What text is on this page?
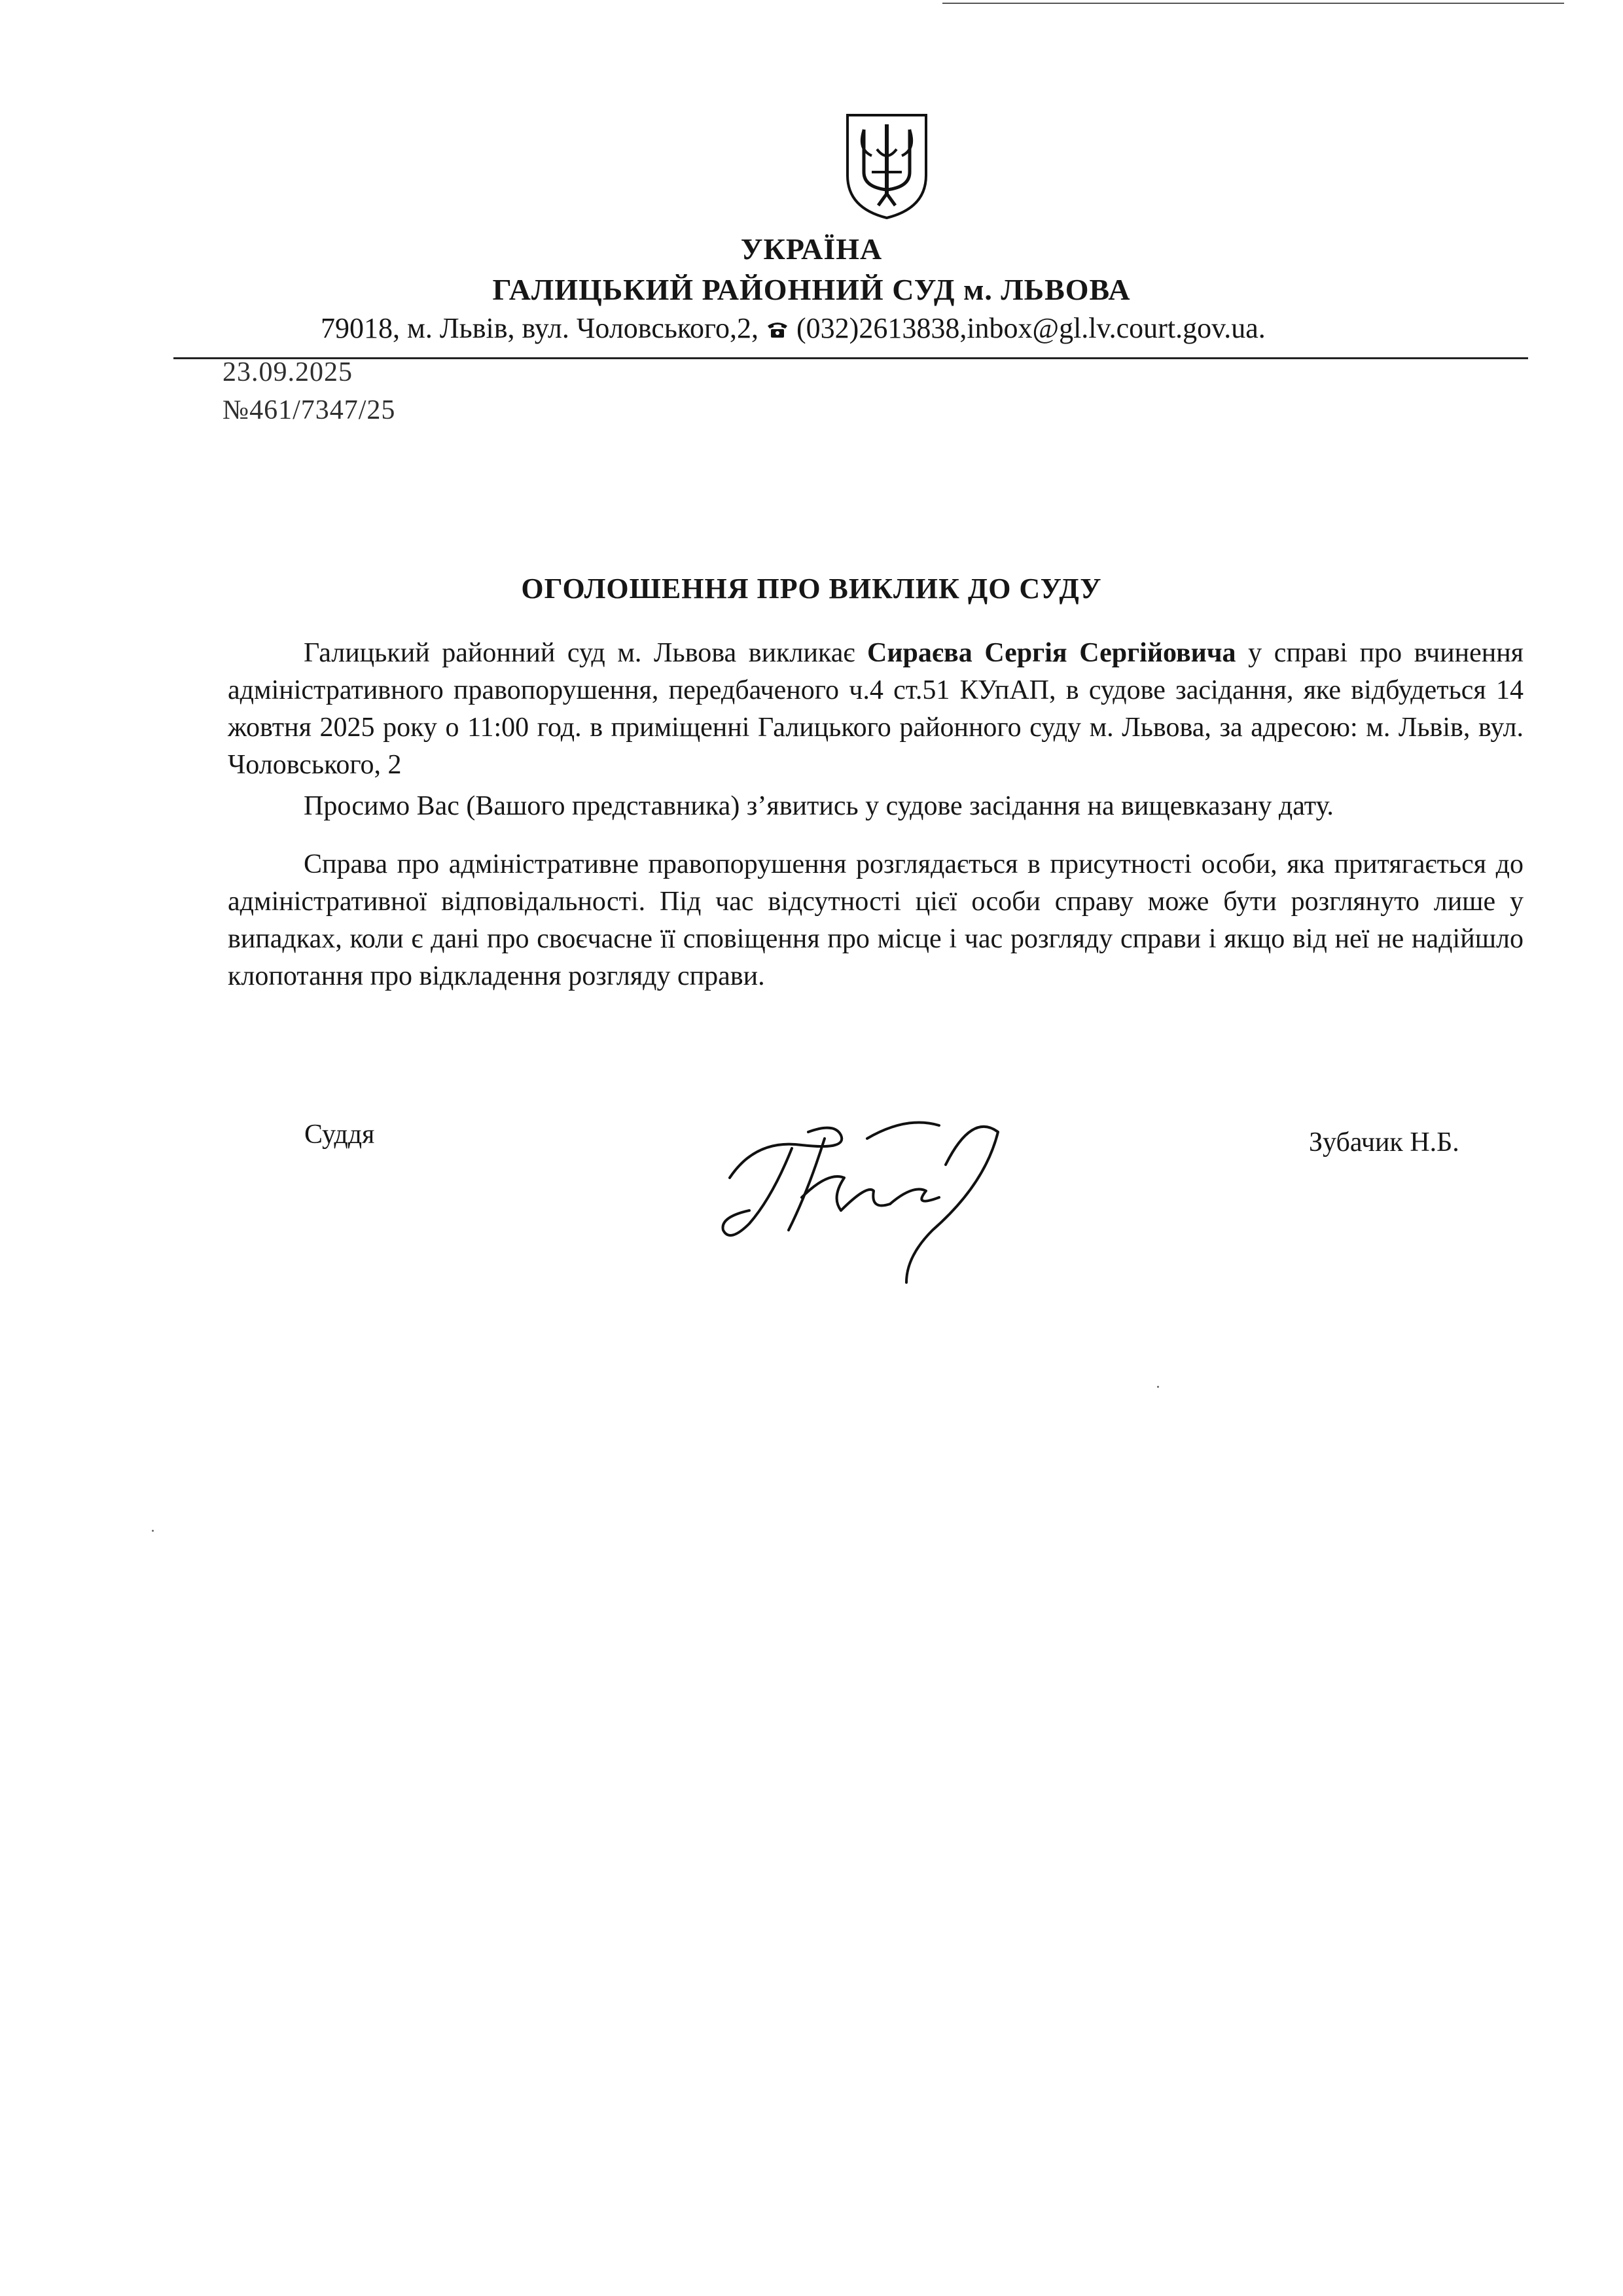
УКРАЇНА
ГАЛИЦЬКИЙ РАЙОННИЙ СУД м. ЛЬВОВА
79018, м. Львів, вул. Чоловського,2,  (032)2613838,inbox@gl.lv.court.gov.ua.
23.09.2025
№461/7347/25
ОГОЛОШЕННЯ ПРО ВИКЛИК ДО СУДУ

Галицький районний суд м. Львова викликає Сираєва Сергія Сергійовича у справі про вчинення адміністративного правопорушення, передбаченого ч.4 ст.51 КУпАП, в судове засідання, яке відбудеться 14 жовтня 2025 року о 11:00 год. в приміщенні Галицького районного суду м. Львова, за адресою: м. Львів, вул. Чоловського, 2

Просимо Вас (Вашого представника) з’явитись у судове засідання на вищевказану дату.

Справа про адміністративне правопорушення розглядається в присутності особи, яка притягається до адміністративної відповідальності. Під час відсутності цієї особи справу може бути розглянуто лише у випадках, коли є дані про своєчасне її сповіщення про місце і час розгляду справи і якщо від неї не надійшло клопотання про відкладення розгляду справи.

Суддя	Зубачик Н.Б.
